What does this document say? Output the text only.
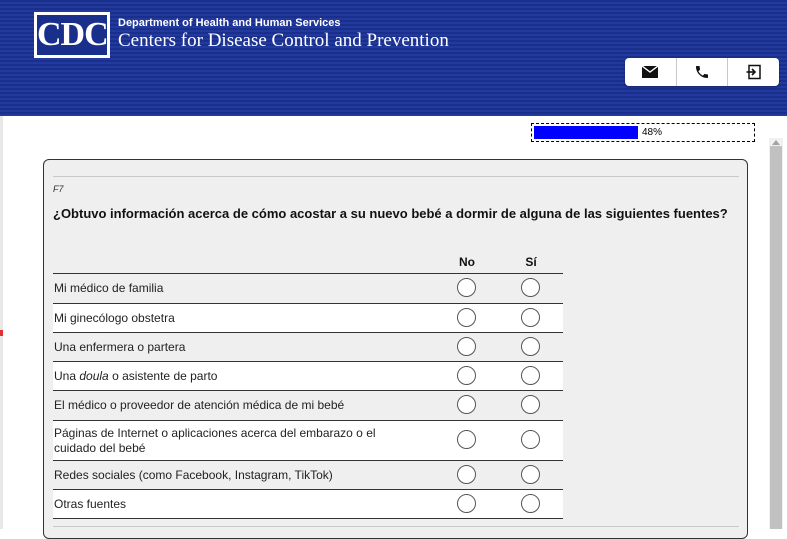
CDC Department of Health and Human Services
Centers for Disease Control and Prevention
48%
F7
¿Obtuvo información acerca de cómo acostar a su nuevo bebé a dormir de alguna de las siguientes fuentes?
No	Sí
Mi médico de familia
Mi ginecólogo obstetra
Una enfermera o partera
Una doula o asistente de parto
El médico o proveedor de atención médica de mi bebé
Páginas de Internet o aplicaciones acerca del embarazo o el cuidado del bebé
Redes sociales (como Facebook, Instagram, TikTok)
Otras fuentes
